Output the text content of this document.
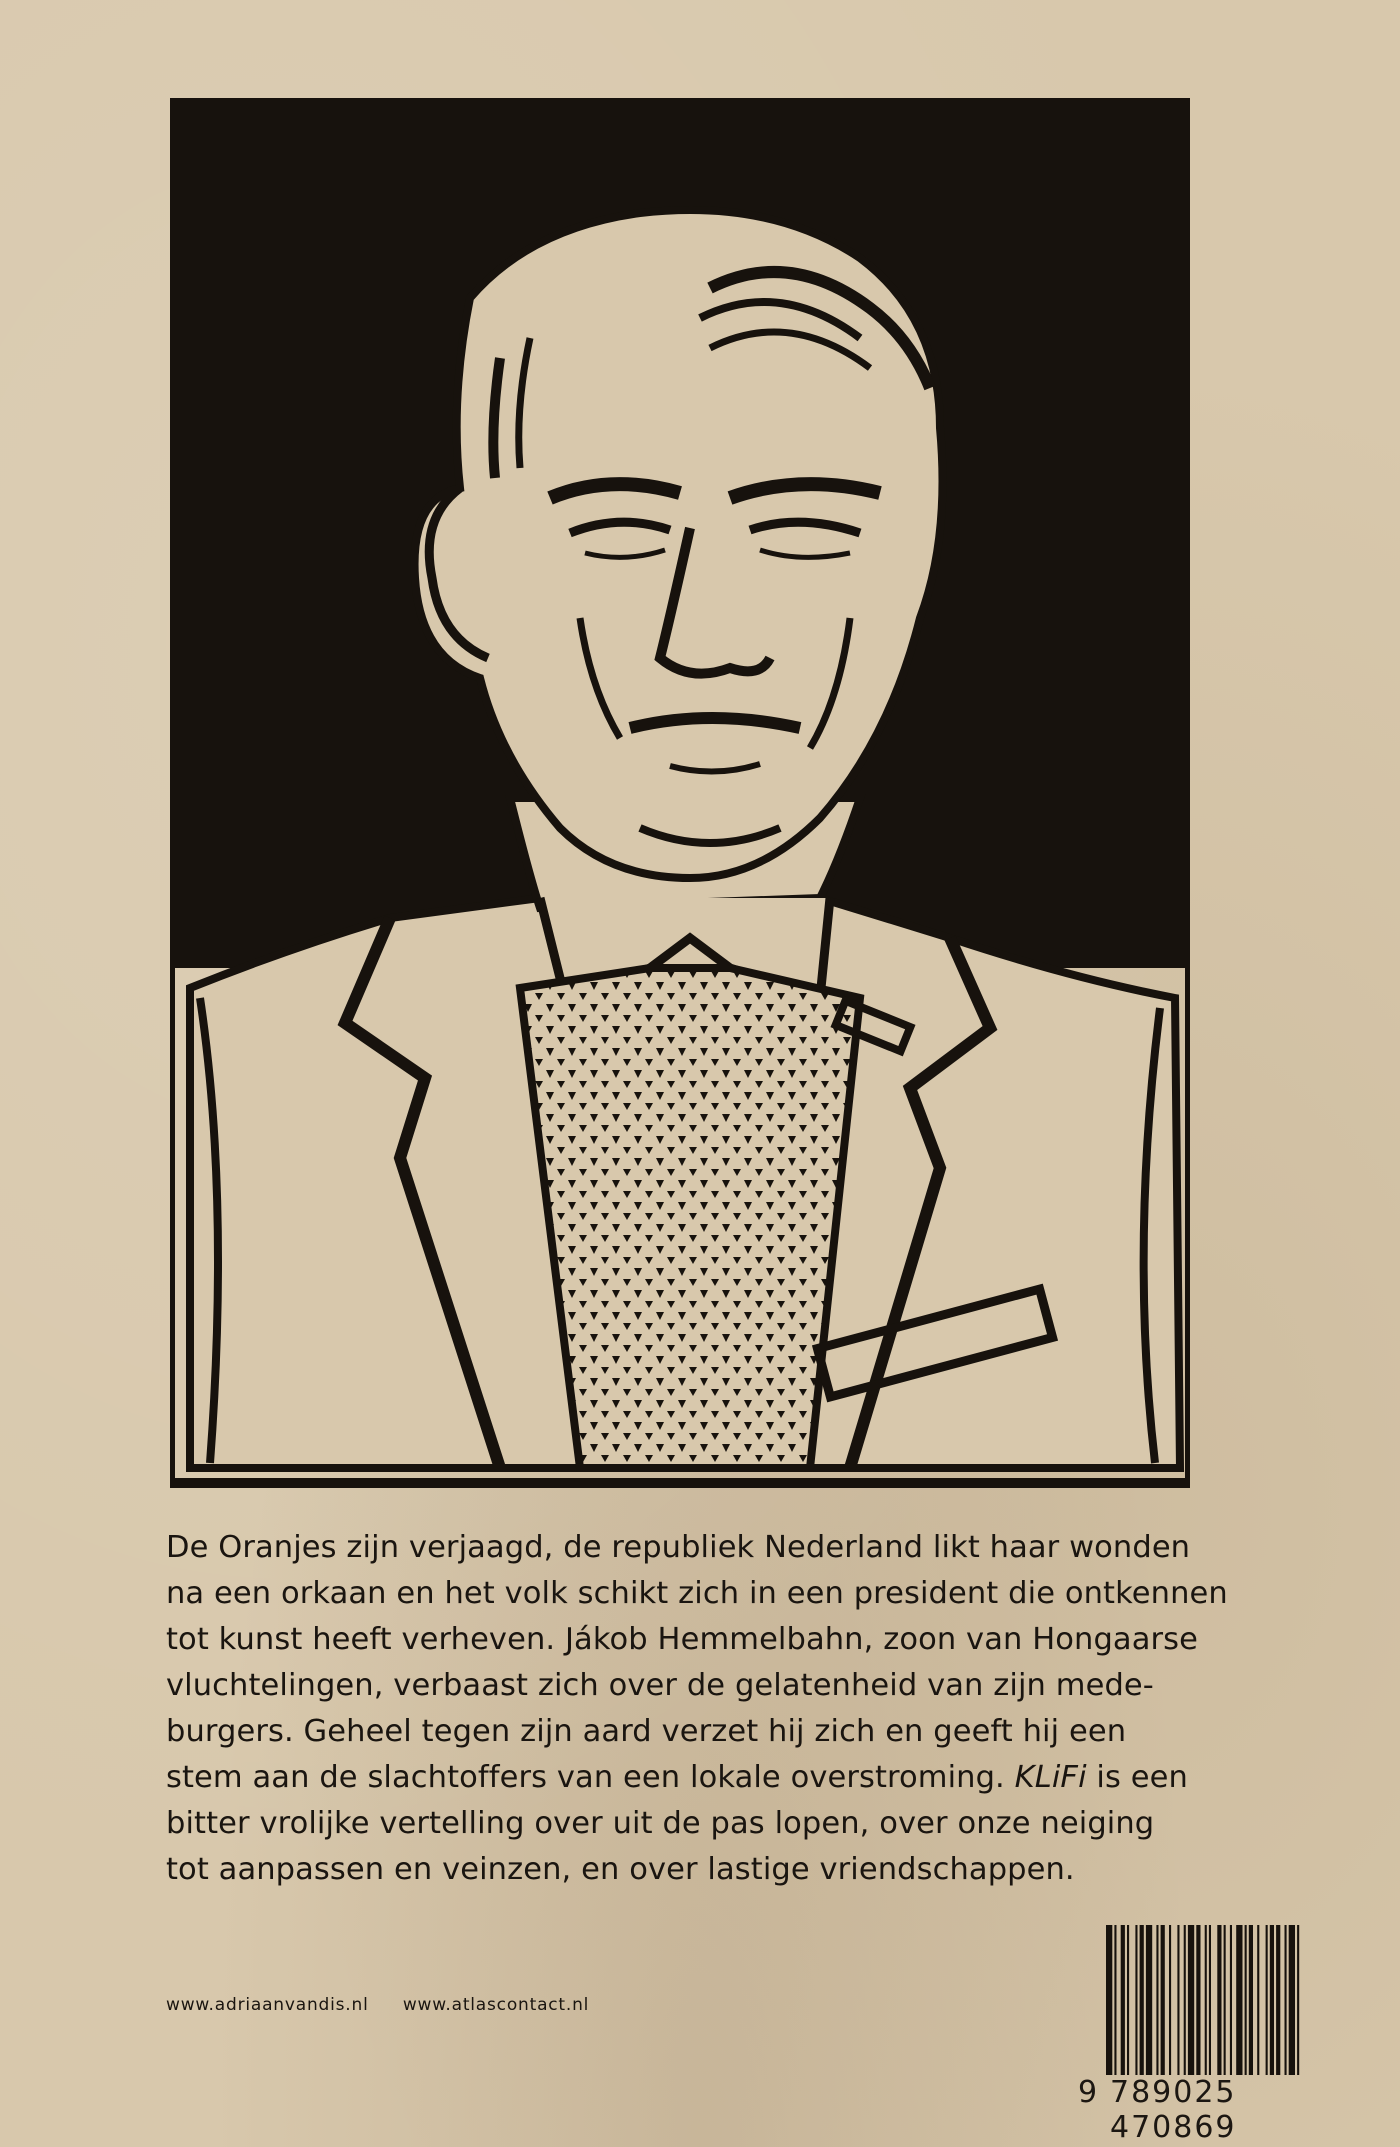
De Oranjes zijn verjaagd, de republiek Nederland likt haar wonden
na een orkaan en het volk schikt zich in een president die ontkennen
tot kunst heeft verheven. Jákob Hemmelbahn, zoon van Hongaarse
vluchtelingen, verbaast zich over de gelatenheid van zijn mede-
burgers. Geheel tegen zijn aard verzet hij zich en geeft hij een
stem aan de slachtoffers van een lokale overstroming. KLiFi is een
bitter vrolijke vertelling over uit de pas lopen, over onze neiging
tot aanpassen en veinzen, en over lastige vriendschappen.

www.adriaanvandis.nl www.atlascontact.nl
9 789025 470869
